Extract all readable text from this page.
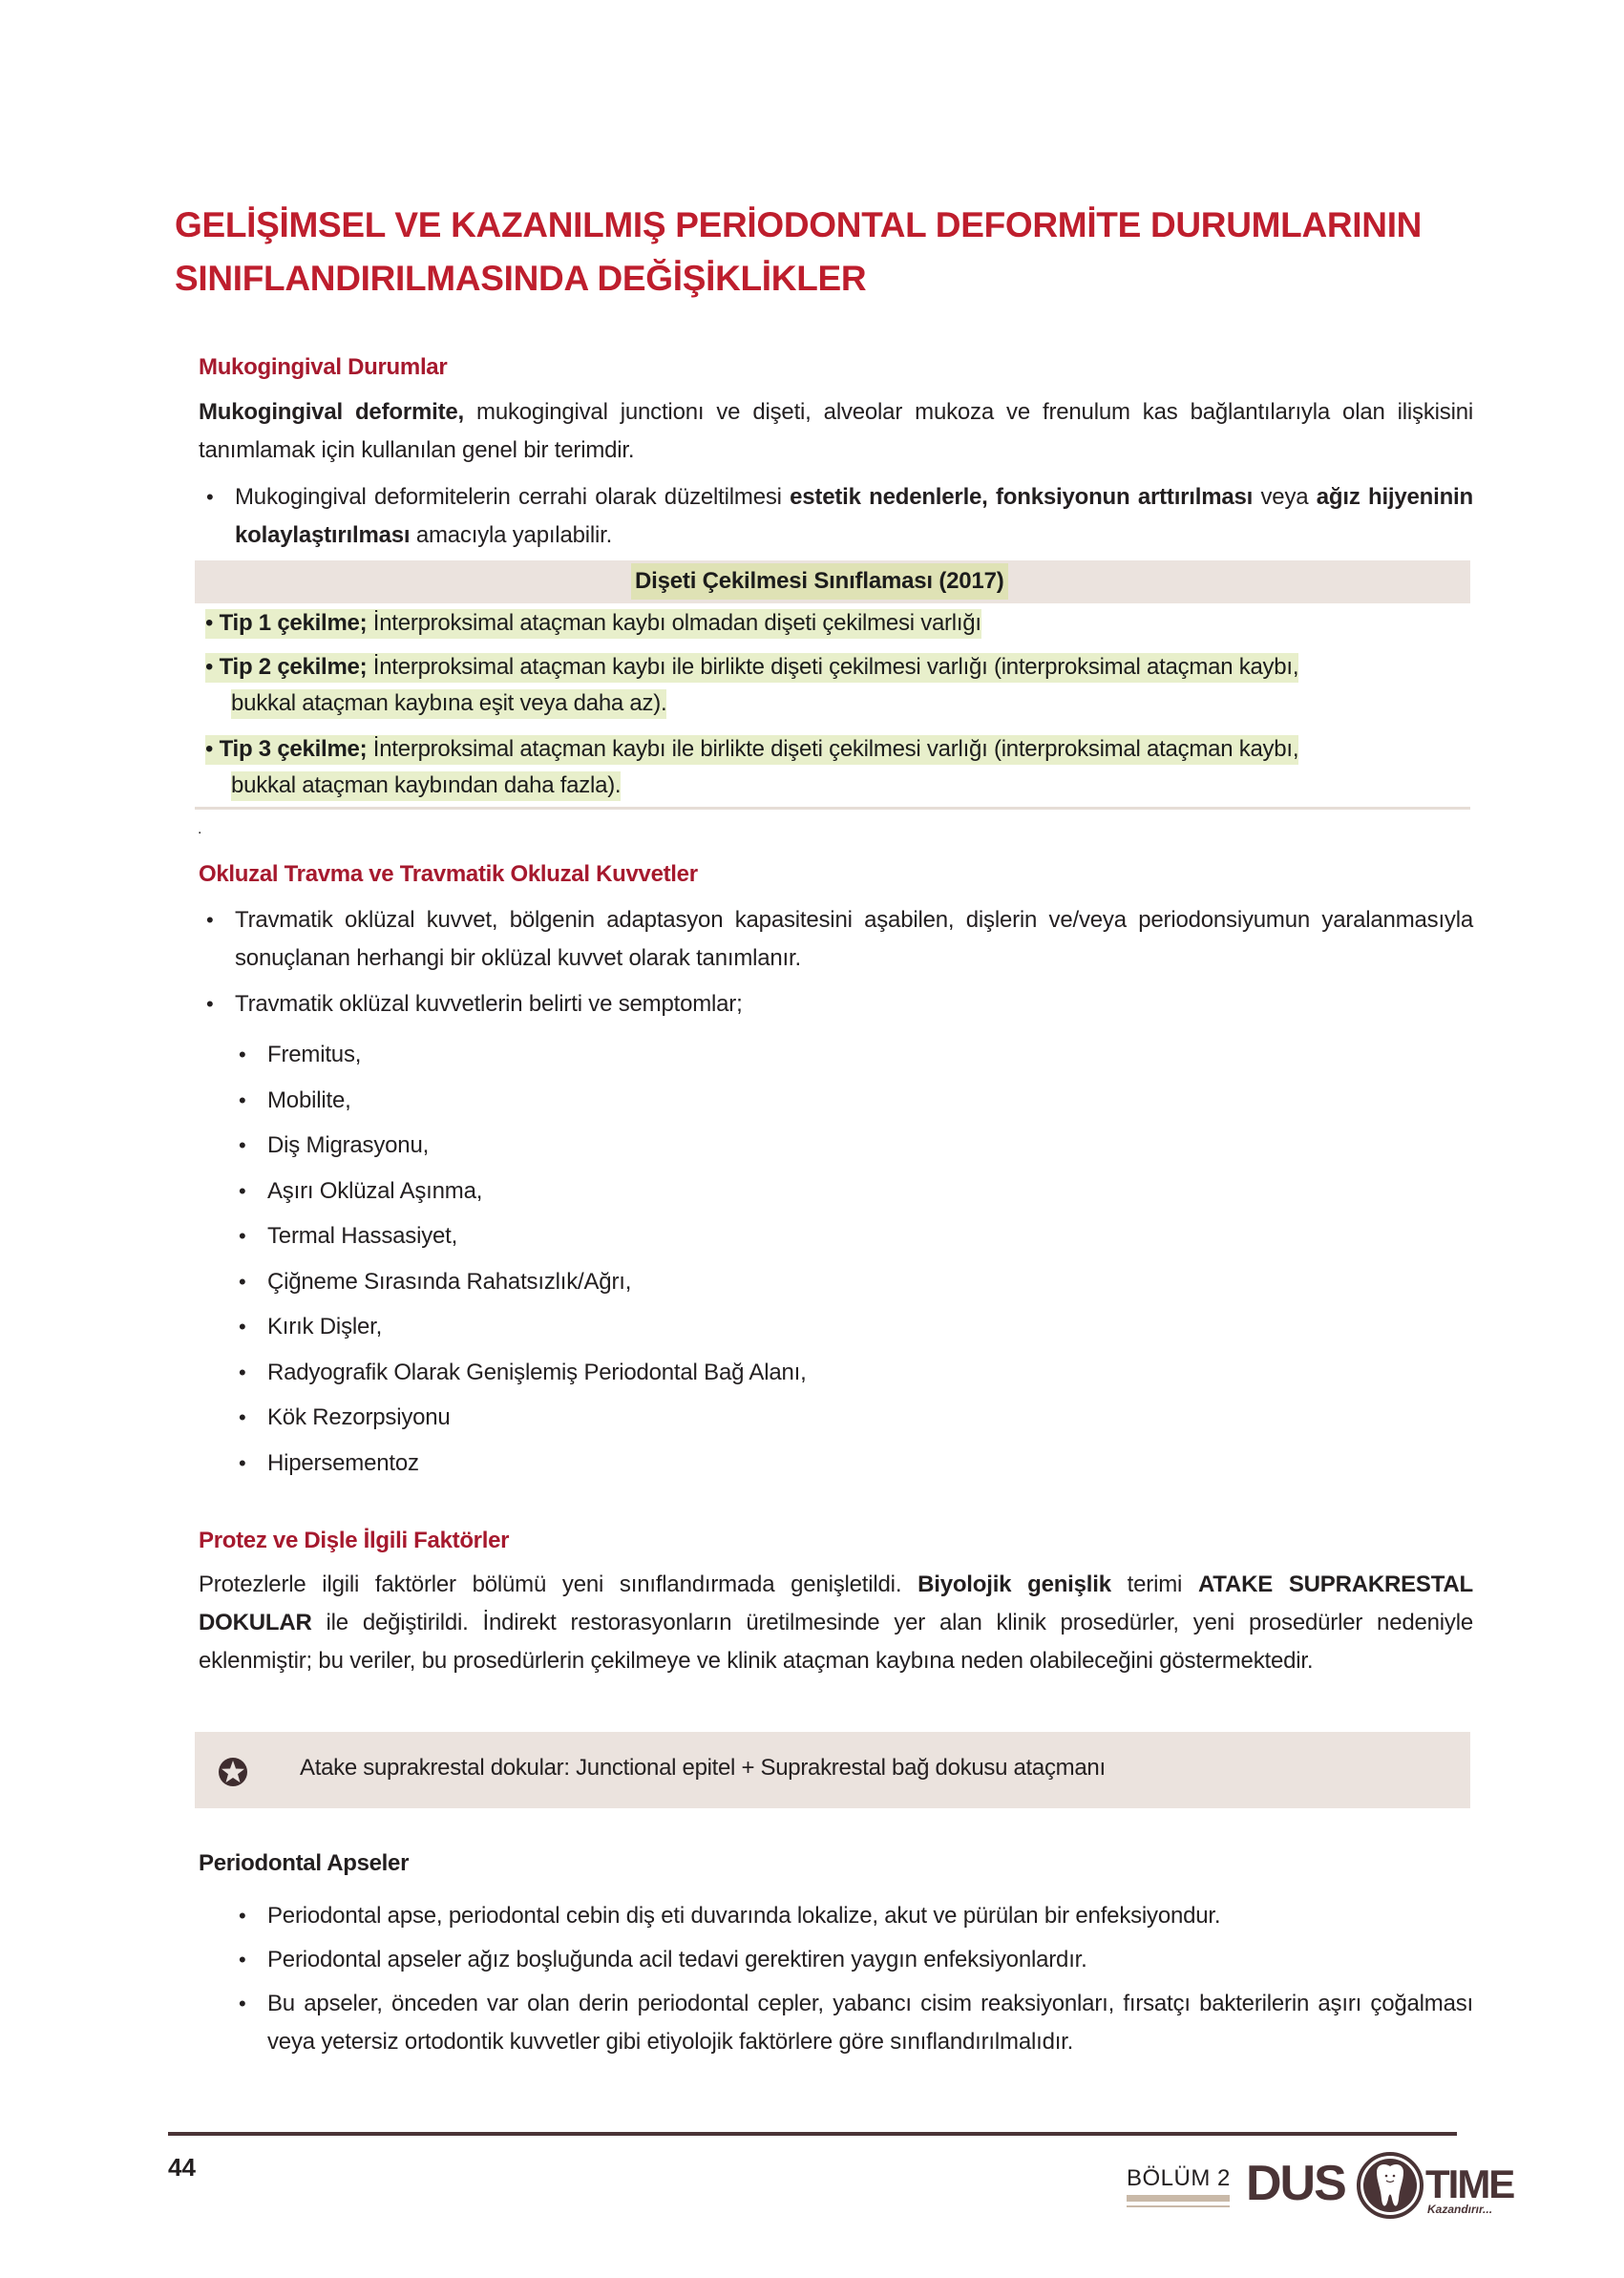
GELİŞİMSEL VE KAZANILMIŞ PERİODONTAL DEFORMİTE DURUMLARININ
SINIFLANDIRILMASINDA DEĞİŞİKLİKLER
Mukogingival Durumlar

Mukogingival deformite, mukogingival junctionı ve dişeti, alveolar mukoza ve frenulum kas bağlantılarıyla olan ilişkisini tanımlamak için kullanılan genel bir terimdir.

• Mukogingival deformitelerin cerrahi olarak düzeltilmesi estetik nedenlerle, fonksiyonun arttırılması veya ağız hijyeninin kolaylaştırılması amacıyla yapılabilir.
Dişeti Çekilmesi Sınıflaması (2017)
• Tip 1 çekilme; İnterproksimal ataçman kaybı olmadan dişeti çekilmesi varlığı
• Tip 2 çekilme; İnterproksimal ataçman kaybı ile birlikte dişeti çekilmesi varlığı (interproksimal ataçman kaybı,
bukkal ataçman kaybına eşit veya daha az).
• Tip 3 çekilme; İnterproksimal ataçman kaybı ile birlikte dişeti çekilmesi varlığı (interproksimal ataçman kaybı,
bukkal ataçman kaybından daha fazla).
.
Okluzal Travma ve Travmatik Okluzal Kuvvetler
• Travmatik oklüzal kuvvet, bölgenin adaptasyon kapasitesini aşabilen, dişlerin ve/veya periodonsiyumun yaralanmasıyla sonuçlanan herhangi bir oklüzal kuvvet olarak tanımlanır.
• Travmatik oklüzal kuvvetlerin belirti ve semptomlar;
• Fremitus,
• Mobilite,
• Diş Migrasyonu,
• Aşırı Oklüzal Aşınma,
• Termal Hassasiyet,
• Çiğneme Sırasında Rahatsızlık/Ağrı,
• Kırık Dişler,
• Radyografik Olarak Genişlemiş Periodontal Bağ Alanı,
• Kök Rezorpsiyonu
• Hipersementoz
Protez ve Dişle İlgili Faktörler

Protezlerle ilgili faktörler bölümü yeni sınıflandırmada genişletildi. Biyolojik genişlik terimi ATAKE SUPRAKRESTAL DOKULAR ile değiştirildi. İndirekt restorasyonların üretilmesinde yer alan klinik prosedürler, yeni prosedürler nedeniyle eklenmiştir; bu veriler, bu prosedürlerin çekilmeye ve klinik ataçman kaybına neden olabileceğini göstermektedir.

Atake suprakrestal dokular: Junctional epitel + Suprakrestal bağ dokusu ataçmanı
Periodontal Apseler
• Periodontal apse, periodontal cebin diş eti duvarında lokalize, akut ve pürülan bir enfeksiyondur.
• Periodontal apseler ağız boşluğunda acil tedavi gerektiren yaygın enfeksiyonlardır.
• Bu apseler, önceden var olan derin periodontal cepler, yabancı cisim reaksiyonları, fırsatçı bakterilerin aşırı çoğalması veya yetersiz ortodontik kuvvetler gibi etiyolojik faktörlere göre sınıflandırılmalıdır.
44	BÖLÜM 2 DUS TIME
Kazandırır...
